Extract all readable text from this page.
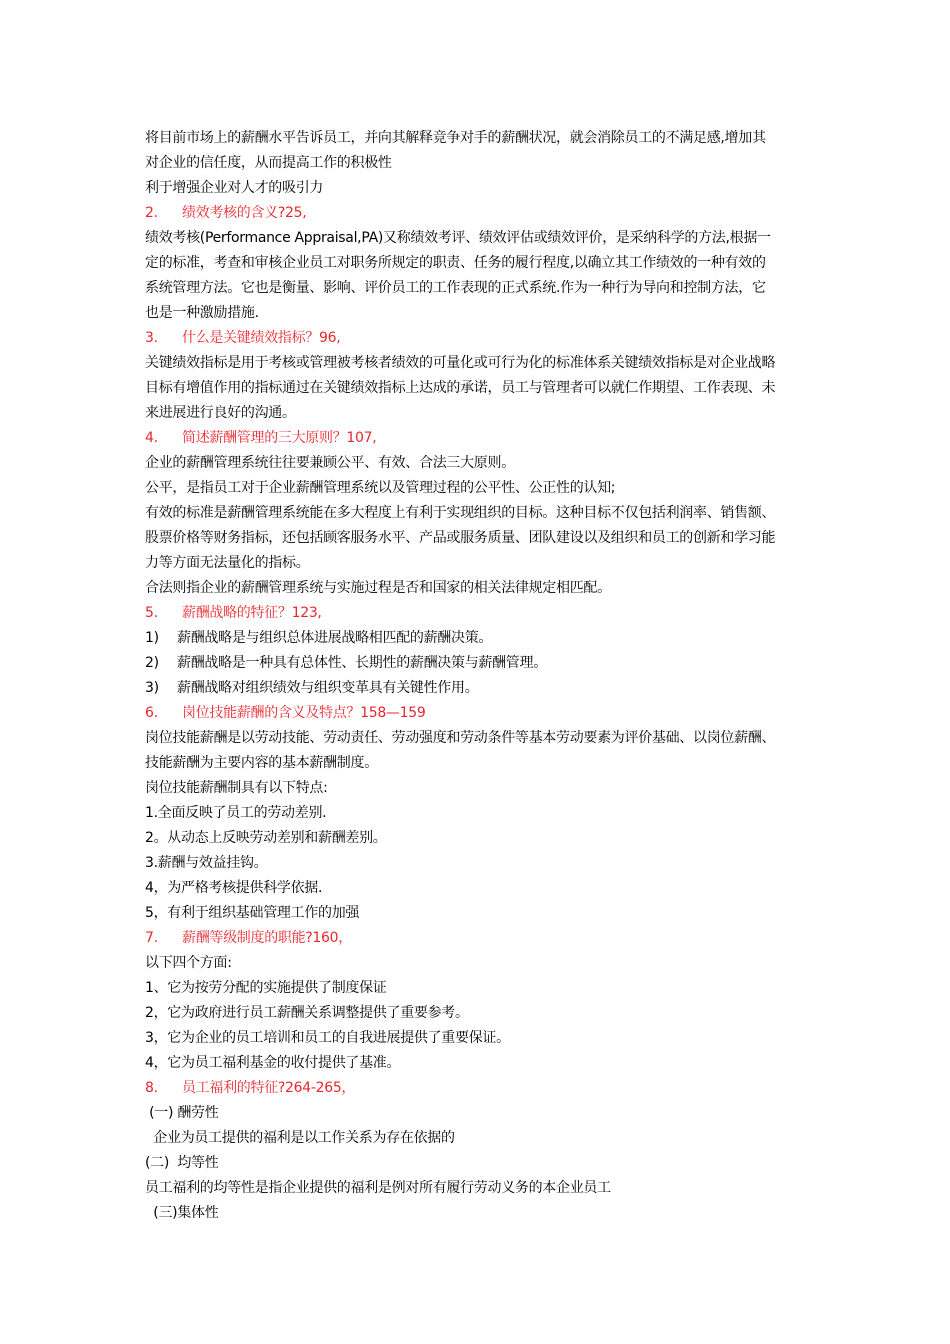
将目前市场上的薪酬水平告诉员工，并向其解释竞争对手的薪酬状况，就会消除员工的不满足感,增加其
对企业的信任度，从而提高工作的积极性
利于增强企业对人才的吸引力
2. 绩效考核的含义?25,
绩效考核(Performance Appraisal,PA)又称绩效考评、绩效评估或绩效评价，是采纳科学的方法,根据一
定的标准，考查和审核企业员工对职务所规定的职责、任务的履行程度,以确立其工作绩效的一种有效的
系统管理方法。它也是衡量、影响、评价员工的工作表现的正式系统.作为一种行为导向和控制方法，它
也是一种激励措施.
3. 什么是关键绩效指标？96,
关键绩效指标是用于考核或管理被考核者绩效的可量化或可行为化的标准体系关键绩效指标是对企业战略
目标有增值作用的指标通过在关键绩效指标上达成的承诺，员工与管理者可以就仁作期望、工作表现、未
来进展进行良好的沟通。
4. 简述薪酬管理的三大原则？107,
企业的薪酬管理系统往往要兼顾公平、有效、合法三大原则。
公平，是指员工对于企业薪酬管理系统以及管理过程的公平性、公正性的认知;
有效的标准是薪酬管理系统能在多大程度上有利于实现组织的目标。这种目标不仅包括利润率、销售额、
股票价格等财务指标，还包括顾客服务水平、产品或服务质量、团队建设以及组织和员工的创新和学习能
力等方面无法量化的指标。
合法则指企业的薪酬管理系统与实施过程是否和国家的相关法律规定相匹配。
5. 薪酬战略的特征？123,
1) 薪酬战略是与组织总体进展战略相匹配的薪酬决策。
2) 薪酬战略是一种具有总体性、长期性的薪酬决策与薪酬管理。
3) 薪酬战略对组织绩效与组织变革具有关键性作用。
6. 岗位技能薪酬的含义及特点？158—159
岗位技能薪酬是以劳动技能、劳动责任、劳动强度和劳动条件等基本劳动要素为评价基础、以岗位薪酬、
技能薪酬为主要内容的基本薪酬制度。
岗位技能薪酬制具有以下特点:
1.全面反映了员工的劳动差别.
2。从动态上反映劳动差别和薪酬差别。
3.薪酬与效益挂钩。
4，为严格考核提供科学依据.
5，有利于组织基础管理工作的加强
7. 薪酬等级制度的职能?160，
以下四个方面:
1、它为按劳分配的实施提供了制度保证
2，它为政府进行员工薪酬关系调整提供了重要参考。
3，它为企业的员工培训和员工的自我进展提供了重要保证。
4，它为员工福利基金的收付提供了基准。
8. 员工福利的特征?264-265，
(一) 酬劳性
企业为员工提供的福利是以工作关系为存在依据的
(二)  均等性
员工福利的均等性是指企业提供的福利是例对所有履行劳动义务的本企业员工
(三)集体性
